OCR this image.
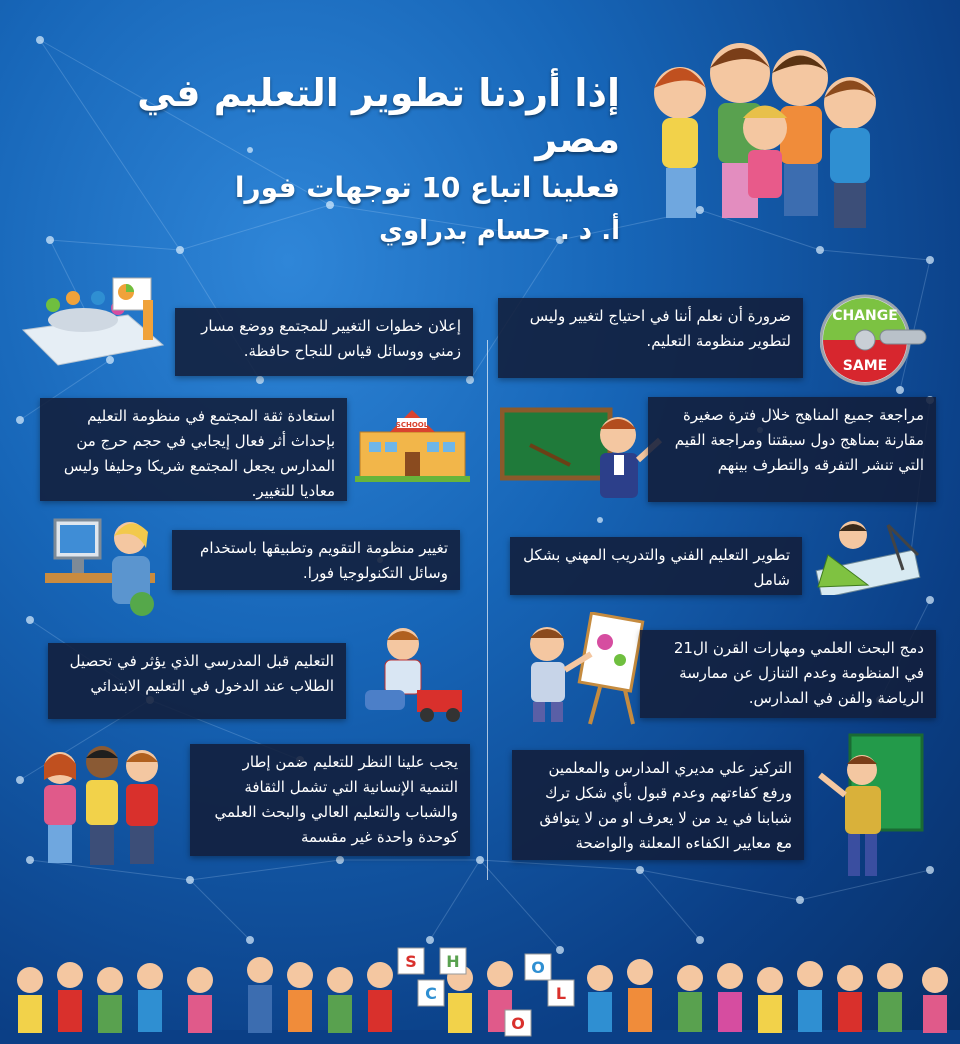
إذا أردنا تطوير التعليم في مصر
فعلينا اتباع 10 توجهات فورا
أ. د . حسام بدراوي
CHANGE
SAME
ضرورة أن نعلم أننا في احتياج لتغيير وليس لتطوير منظومة التعليم.
مراجعة جميع المناهج خلال فترة صغيرة مقارنة بمناهج دول سبقتنا ومراجعة القيم التي تنشر التفرقه والتطرف بينهم
تطوير التعليم الفني والتدريب المهني بشكل شامل
دمج البحث العلمي ومهارات القرن ال21 في المنظومة وعدم التنازل عن ممارسة الرياضة والفن في المدارس.
التركيز علي مديري المدارس والمعلمين ورفع كفاءتهم وعدم قبول بأي شكل ترك شبابنا في يد من لا يعرف او من لا يتوافق مع معايير الكفاءه المعلنة والواضحة
إعلان خطوات التغيير للمجتمع ووضع مسار زمني ووسائل قياس للنجاح حافظة.
SCHOOL
استعادة ثقة المجتمع في منظومة التعليم بإحداث أثر فعال إيجابي في حجم حرج من المدارس يجعل المجتمع شريكا وحليفا وليس معاديا للتغيير.
تغيير منظومة التقويم وتطبيقها باستخدام وسائل التكنولوجيا فورا.
التعليم قبل المدرسي الذي يؤثر في تحصيل الطلاب عند الدخول في التعليم الابتدائي
يجب علينا النظر للتعليم ضمن إطار التنمية الإنسانية التي تشمل الثقافة والشباب والتعليم العالي والبحث العلمي كوحدة واحدة غير مقسمة
S
C
H
O
O
L
